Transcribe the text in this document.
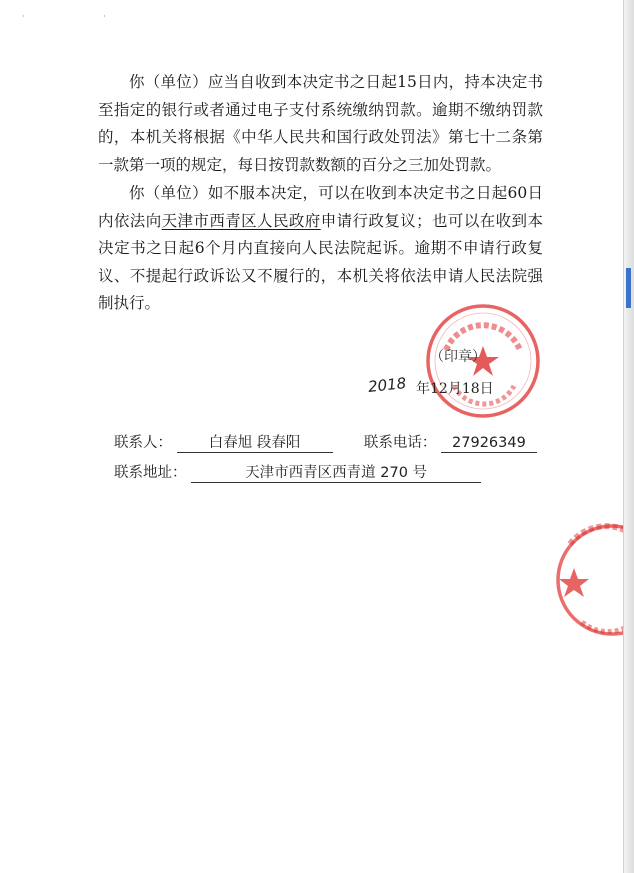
· ·

你（单位）应当自收到本决定书之日起15日内，持本决定书至指定的银行或者通过电子支付系统缴纳罚款。逾期不缴纳罚款的，本机关将根据《中华人民共和国行政处罚法》第七十二条第一款第一项的规定，每日按罚款数额的百分之三加处罚款。

你（单位）如不服本决定，可以在收到本决定书之日起60日内依法向天津市西青区人民政府申请行政复议；也可以在收到本决定书之日起6个月内直接向人民法院起诉。逾期不申请行政复议、不提起行政诉讼又不履行的，本机关将依法申请人民法院强制执行。

（印章）
2018 年12月18日
联系人：	白春旭 段春阳	联系电话： 27926349
联系地址：	天津市西青区西青道 270 号
